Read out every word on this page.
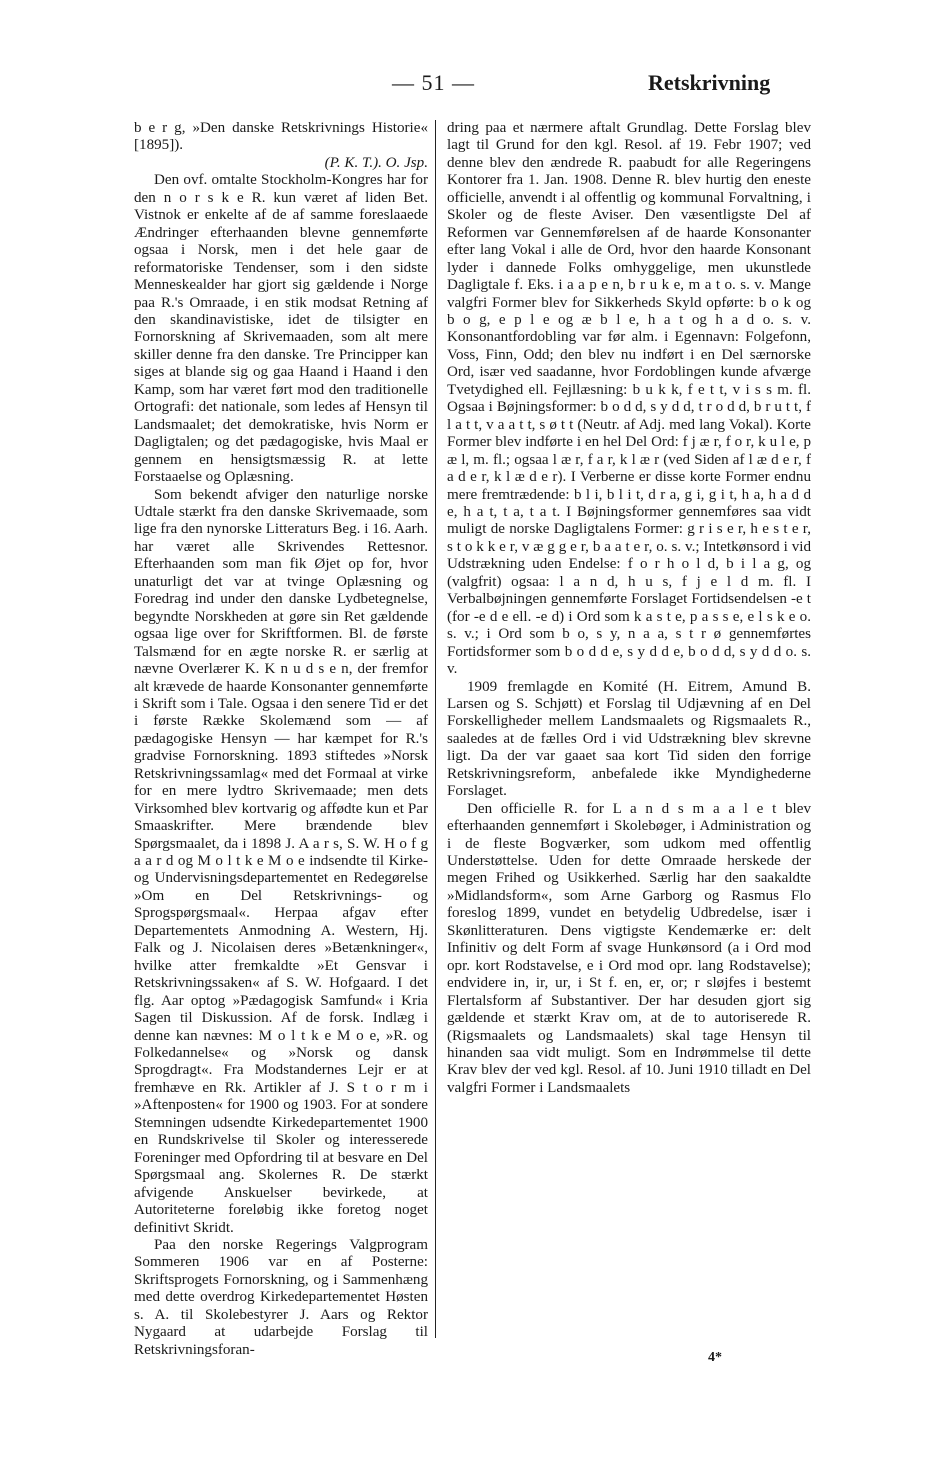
— 51 —	Retskrivning

b e r g, »Den danske Retskrivnings Historie« [1895]).
(P. K. T.). O. Jsp.

Den ovf. omtalte Stockholm-Kongres har for den n o r s k e R. kun været af liden Bet. Vistnok er enkelte af de af samme foreslaaede Ændringer efterhaanden blevne gennemførte ogsaa i Norsk, men i det hele gaar de reformatoriske Tendenser, som i den sidste Menneskealder har gjort sig gældende i Norge paa R.'s Omraade, i en stik modsat Retning af den skandinavistiske, idet de tilsigter en Fornorskning af Skrivemaaden, som alt mere skiller denne fra den danske. Tre Principper kan siges at blande sig og gaa Haand i Haand i den Kamp, som har været ført mod den traditionelle Ortografi: det nationale, som ledes af Hensyn til Landsmaalet; det demokratiske, hvis Norm er Dagligtalen; og det pædagogiske, hvis Maal er gennem en hensigtsmæssig R. at lette Forstaaelse og Oplæsning.

Som bekendt afviger den naturlige norske Udtale stærkt fra den danske Skrivemaade, som lige fra den nynorske Litteraturs Beg. i 16. Aarh. har været alle Skrivendes Rettesnor. Efterhaanden som man fik Øjet op for, hvor unaturligt det var at tvinge Oplæsning og Foredrag ind under den danske Lydbetegnelse, begyndte Norskheden at gøre sin Ret gældende ogsaa lige over for Skriftformen. Bl. de første Talsmænd for en ægte norske R. er særlig at nævne Overlærer K. K n u d s e n, der fremfor alt krævede de haarde Konsonanter gennemførte i Skrift som i Tale. Ogsaa i den senere Tid er det i første Række Skolemænd som — af pædagogiske Hensyn — har kæmpet for R.'s gradvise Fornorskning. 1893 stiftedes »Norsk Retskrivningssamlag« med det Formaal at virke for en mere lydtro Skrivemaade; men dets Virksomhed blev kortvarig og affødte kun et Par Smaaskrifter. Mere brændende blev Spørgsmaalet, da i 1898 J. A a r s, S. W. H o f g a a r d og M o l t k e M o e indsendte til Kirke- og Undervisningsdepartementet en Redegørelse »Om en Del Retskrivnings- og Sprogspørgsmaal«. Herpaa afgav efter Departementets Anmodning A. Western, Hj. Falk og J. Nicolaisen deres »Betænkninger«, hvilke atter fremkaldte »Et Gensvar i Retskrivningssaken« af S. W. Hofgaard. I det flg. Aar optog »Pædagogisk Samfund« i Kria Sagen til Diskussion. Af de forsk. Indlæg i denne kan nævnes: M o l t k e M o e, »R. og Folkedannelse« og »Norsk og dansk Sprogdragt«. Fra Modstandernes Lejr er at fremhæve en Rk. Artikler af J. S t o r m i »Aftenposten« for 1900 og 1903. For at sondere Stemningen udsendte Kirkedepartementet 1900 en Rundskrivelse til Skoler og interesserede Foreninger med Opfordring til at besvare en Del Spørgsmaal ang. Skolernes R. De stærkt afvigende Anskuelser bevirkede, at Autoriteterne foreløbig ikke foretog noget definitivt Skridt.

Paa den norske Regerings Valgprogram Sommeren 1906 var en af Posterne: Skriftsprogets Fornorskning, og i Sammenhæng med dette overdrog Kirkedepartementet Høsten s. A. til Skolebestyrer J. Aars og Rektor Nygaard at udarbejde Forslag til Retskrivningsforan-

dring paa et nærmere aftalt Grundlag. Dette Forslag blev lagt til Grund for den kgl. Resol. af 19. Febr 1907; ved denne blev den ændrede R. paabudt for alle Regeringens Kontorer fra 1. Jan. 1908. Denne R. blev hurtig den eneste officielle, anvendt i al offentlig og kommunal Forvaltning, i Skoler og de fleste Aviser. Den væsentligste Del af Reformen var Gennemførelsen af de haarde Konsonanter efter lang Vokal i alle de Ord, hvor den haarde Konsonant lyder i dannede Folks omhyggelige, men ukunstlede Dagligtale f. Eks. i a a p e n, b r u k e, m a t o. s. v. Mange valgfri Former blev for Sikkerheds Skyld opførte: b o k og b o g, e p l e og æ b l e, h a t og h a d o. s. v. Konsonantfordobling var før alm. i Egennavn: Folgefonn, Voss, Finn, Odd; den blev nu indført i en Del særnorske Ord, især ved saadanne, hvor Fordoblingen kunde afværge Tvetydighed ell. Fejllæsning: b u k k, f e t t, v i s s m. fl. Ogsaa i Bøjningsformer: b o d d, s y d d, t r o d d, b r u t t, f l a t t, v a a t t, s ø t t (Neutr. af Adj. med lang Vokal). Korte Former blev indførte i en hel Del Ord: f j æ r, f o r, k u l e, p æ l, m. fl.; ogsaa l æ r, f a r, k l æ r (ved Siden af l æ d e r, f a d e r, k l æ d e r). I Verberne er disse korte Former endnu mere fremtrædende: b l i, b l i t, d r a, g i, g i t, h a, h a d d e, h a t, t a, t a t. I Bøjningsformer gennemføres saa vidt muligt de norske Dagligtalens Former: g r i s e r, h e s t e r, s t o k k e r, v æ g g e r, b a a t e r, o. s. v.; Intetkønsord i vid Udstrækning uden Endelse: f o r h o l d, b i l a g, og (valgfrit) ogsaa: l a n d, h u s, f j e l d m. fl. I Verbalbøjningen gennemførte Forslaget Fortidsendelsen -e t (for -e d e ell. -e d) i Ord som k a s t e, p a s s e, e l s k e o. s. v.; i Ord som b o, s y, n a a, s t r ø gennemførtes Fortidsformer som b o d d e, s y d d e, b o d d, s y d d o. s. v.

1909 fremlagde en Komité (H. Eitrem, Amund B. Larsen og S. Schjøtt) et Forslag til Udjævning af en Del Forskelligheder mellem Landsmaalets og Rigsmaalets R., saaledes at de fælles Ord i vid Udstrækning blev skrevne ligt. Da der var gaaet saa kort Tid siden den forrige Retskrivningsreform, anbefalede ikke Myndighederne Forslaget.

Den officielle R. for L a n d s m a a l e t blev efterhaanden gennemført i Skolebøger, i Administration og i de fleste Bogværker, som udkom med offentlig Understøttelse. Uden for dette Omraade herskede der megen Frihed og Usikkerhed. Særlig har den saakaldte »Midlandsform«, som Arne Garborg og Rasmus Flo foreslog 1899, vundet en betydelig Udbredelse, især i Skønlitteraturen. Dens vigtigste Kendemærke er: delt Infinitiv og delt Form af svage Hunkønsord (a i Ord mod opr. kort Rodstavelse, e i Ord mod opr. lang Rodstavelse); endvidere in, ir, ur, i St f. en, er, or; r sløjfes i bestemt Flertalsform af Substantiver. Der har desuden gjort sig gældende et stærkt Krav om, at de to autoriserede R. (Rigsmaalets og Landsmaalets) skal tage Hensyn til hinanden saa vidt muligt. Som en Indrømmelse til dette Krav blev der ved kgl. Resol. af 10. Juni 1910 tilladt en Del valgfri Former i Landsmaalets

4*
